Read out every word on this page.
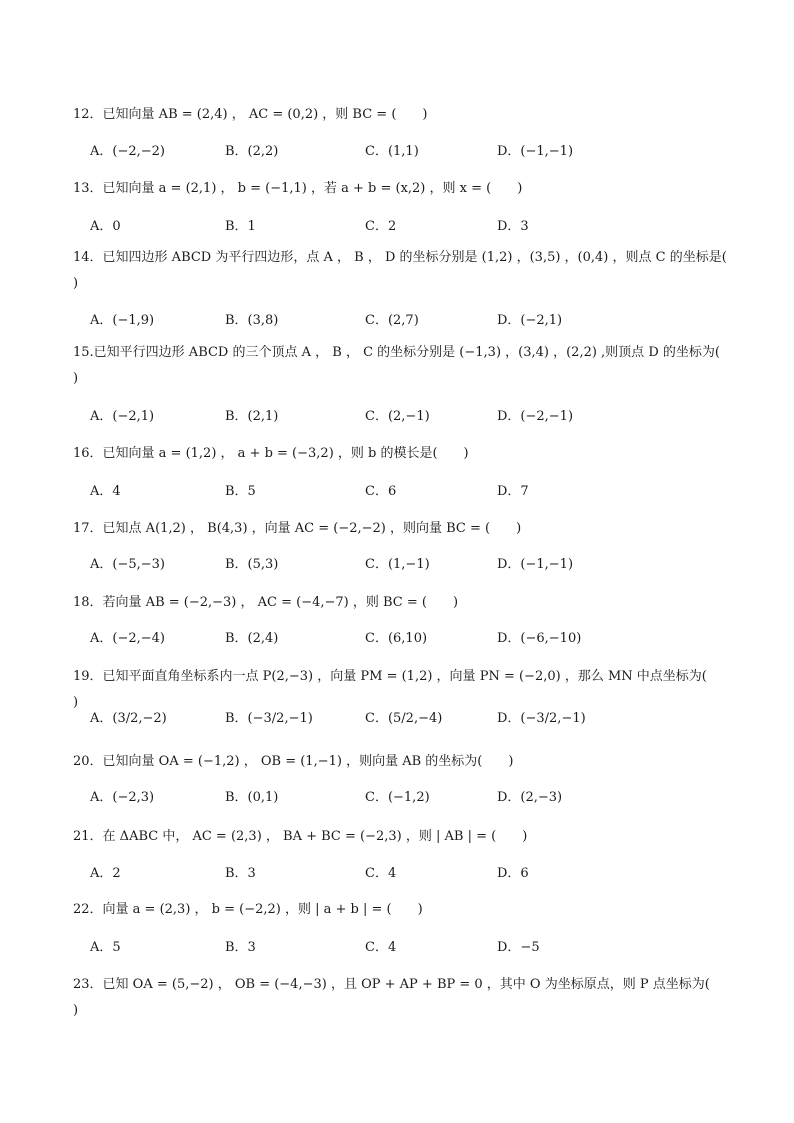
12．已知向量 AB = (2,4) ， AC = (0,2) ，则 BC = (　　)
A．(−2,−2)	B．(2,2)	C．(1,1)	D．(−1,−1)
13．已知向量 a = (2,1) ， b = (−1,1) ，若 a + b = (x,2) ，则 x = (　　)
A．0	B．1	C．2	D．3
14．已知四边形 ABCD 为平行四边形，点 A ， B ， D 的坐标分别是 (1,2) ，(3,5) ，(0,4) ，则点 C 的坐标是(　　)
A．(−1,9)	B．(3,8)	C．(2,7)	D．(−2,1)
15.已知平行四边形 ABCD 的三个顶点 A ， B ， C 的坐标分别是 (−1,3) ，(3,4) ，(2,2) ,则顶点 D 的坐标为(　　)
A．(−2,1)	B．(2,1)	C．(2,−1)	D．(−2,−1)
16．已知向量 a = (1,2) ， a + b = (−3,2) ，则 b 的模长是(　　)
A．4	B．5	C．6	D．7
17．已知点 A(1,2) ， B(4,3) ，向量 AC = (−2,−2) ，则向量 BC = (　　)
A．(−5,−3)	B．(5,3)	C．(1,−1)	D．(−1,−1)
18．若向量 AB = (−2,−3) ， AC = (−4,−7) ，则 BC = (　　)
A．(−2,−4)	B．(2,4)	C．(6,10)	D．(−6,−10)
19．已知平面直角坐标系内一点 P(2,−3) ，向量 PM = (1,2) ，向量 PN = (−2,0) ，那么 MN 中点坐标为(　　)
A．(3/2,−2)	B．(−3/2,−1)	C．(5/2,−4)	D．(−3/2,−1)
20．已知向量 OA = (−1,2) ， OB = (1,−1) ，则向量 AB 的坐标为(　　)
A．(−2,3)	B．(0,1)	C．(−1,2)	D．(2,−3)
21．在 ΔABC 中， AC = (2,3) ， BA + BC = (−2,3) ，则 | AB | = (　　)
A．2	B．3	C．4	D．6
22．向量 a = (2,3) ， b = (−2,2) ，则 | a + b | = (　　)
A．5	B．3	C．4	D．−5
23．已知 OA = (5,−2) ， OB = (−4,−3) ，且 OP + AP + BP = 0 ，其中 O 为坐标原点，则 P 点坐标为(　　)
